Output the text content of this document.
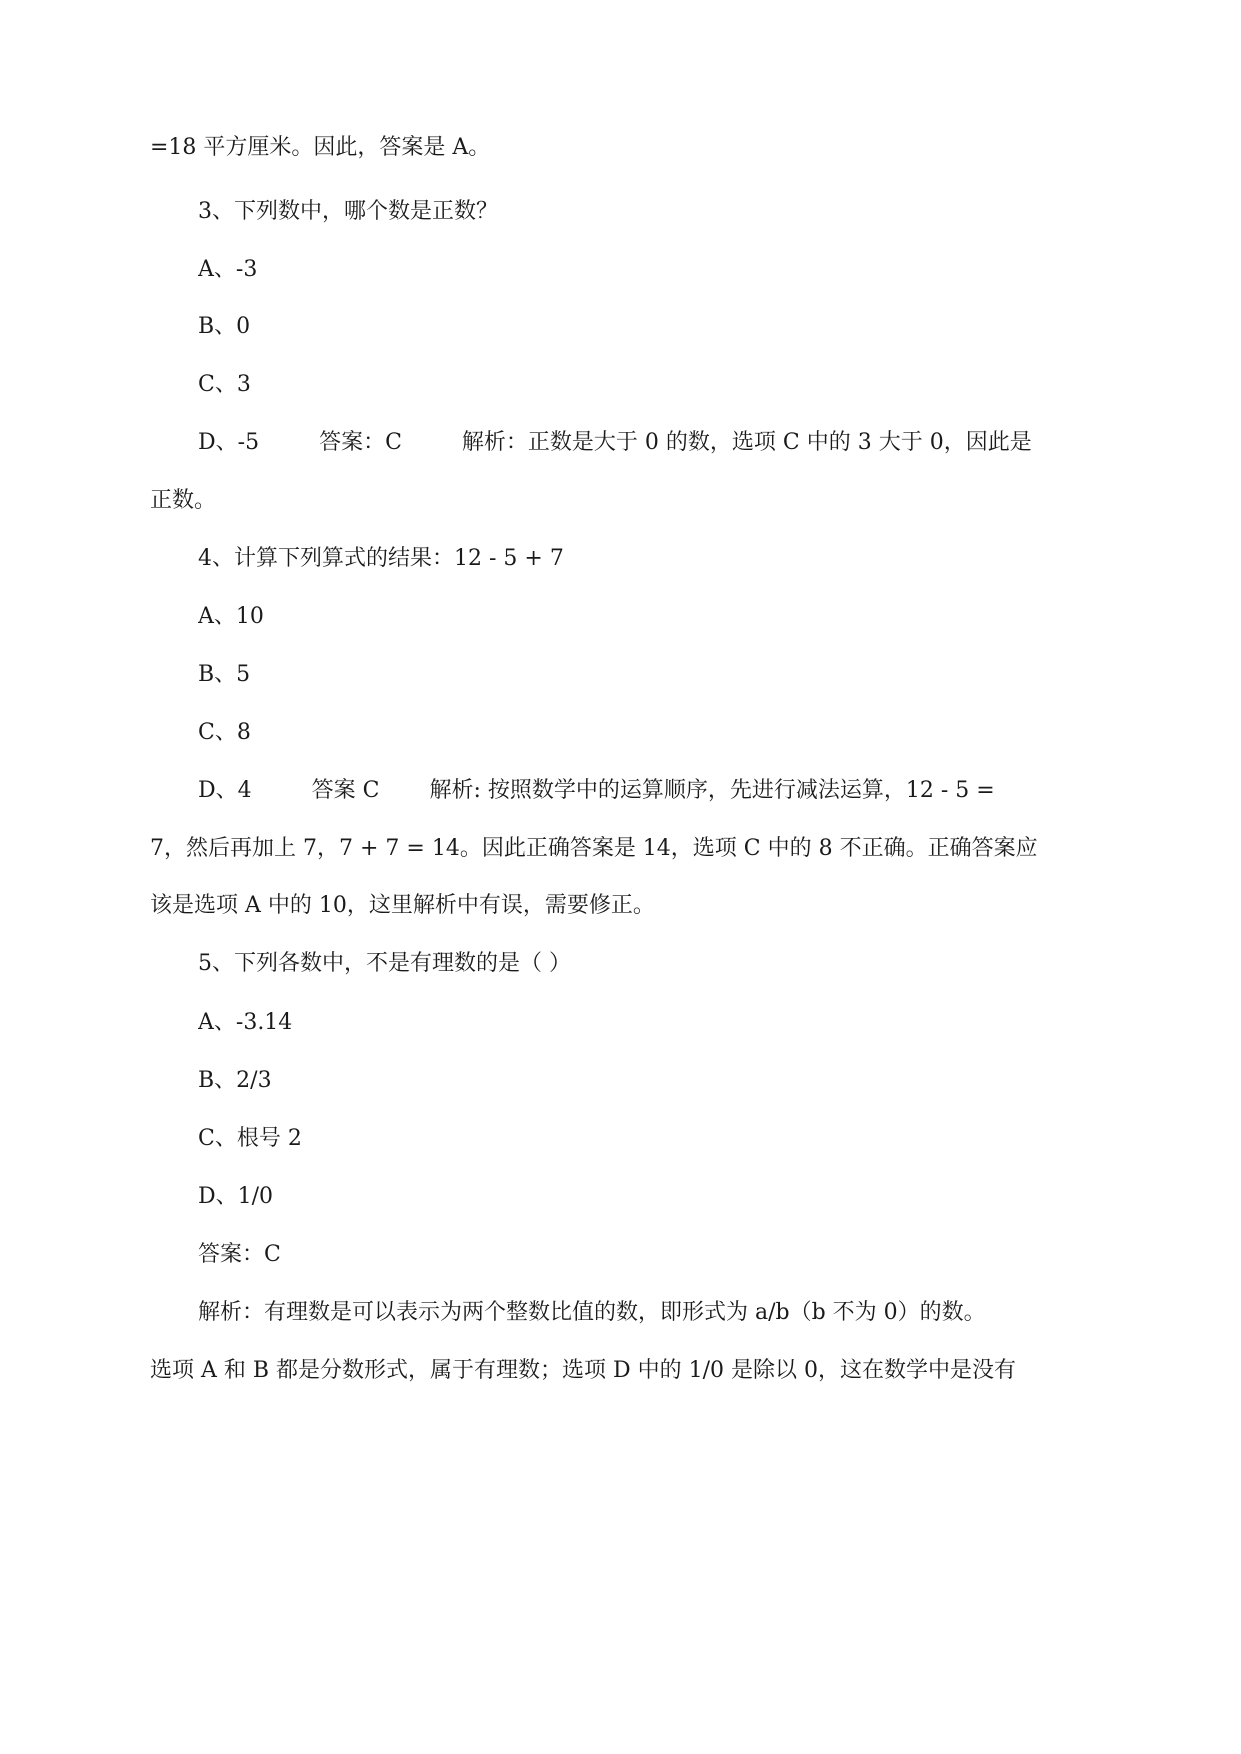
=18 平方厘米。因此，答案是 A。
3、下列数中，哪个数是正数？
A、-3
B、0
C、3
D、-5	答案：C	解析：正数是大于 0 的数，选项 C 中的 3 大于 0，因此是
正数。
4、计算下列算式的结果：12 - 5 + 7
A、10
B、5
C、8
D、4	答案 C 解析: 按照数学中的运算顺序，先进行减法运算，12 - 5 =
7，然后再加上 7，7 + 7 = 14。因此正确答案是 14，选项 C 中的 8 不正确。正确答案应
该是选项 A 中的 10，这里解析中有误，需要修正。
5、下列各数中，不是有理数的是（ ）
A、-3.14
B、2/3
C、根号 2
D、1/0
答案：C
解析：有理数是可以表示为两个整数比值的数，即形式为 a/b（b 不为 0）的数。
选项 A 和 B 都是分数形式，属于有理数；选项 D 中的 1/0 是除以 0，这在数学中是没有
